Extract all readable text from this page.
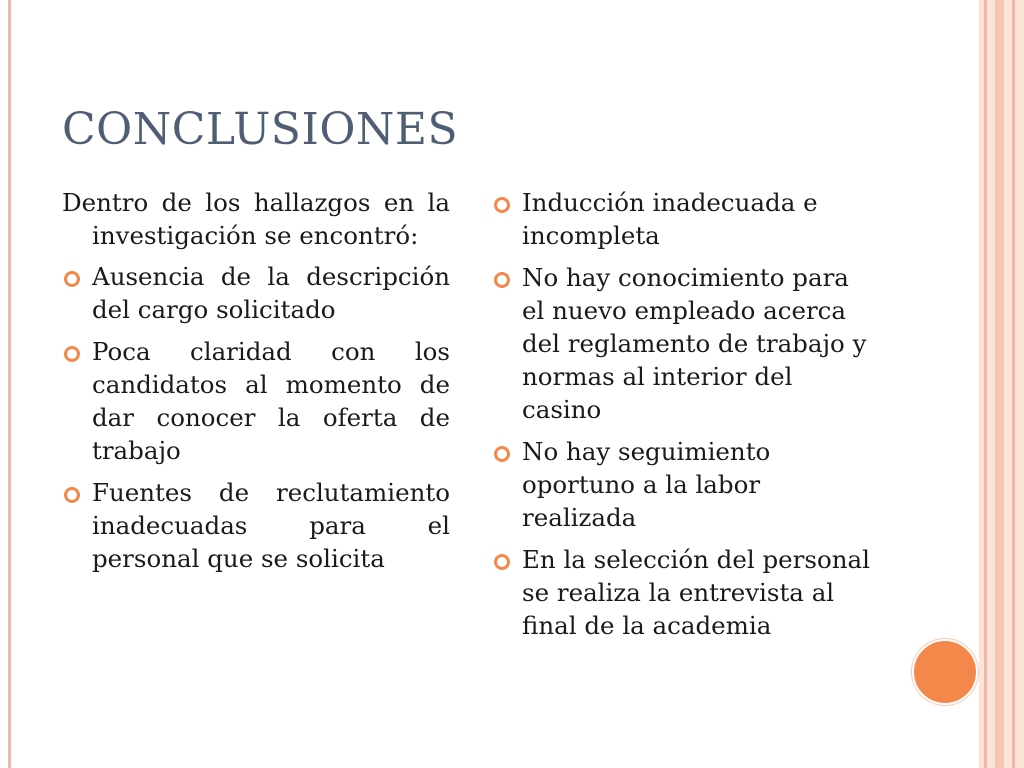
CONCLUSIONES

Dentro de los hallazgos en la investigación se encontró:

Ausencia de la descripción del cargo solicitado
Poca claridad con los candidatos al momento de dar conocer la oferta de trabajo
Fuentes de reclutamiento inadecuadas para el personal que se solicita
Inducción inadecuada e incompleta
No hay conocimiento para el nuevo empleado acerca del reglamento de trabajo y normas al interior del casino
No hay seguimiento oportuno a la labor realizada
En la selección del personal se realiza la entrevista al final de la academia
